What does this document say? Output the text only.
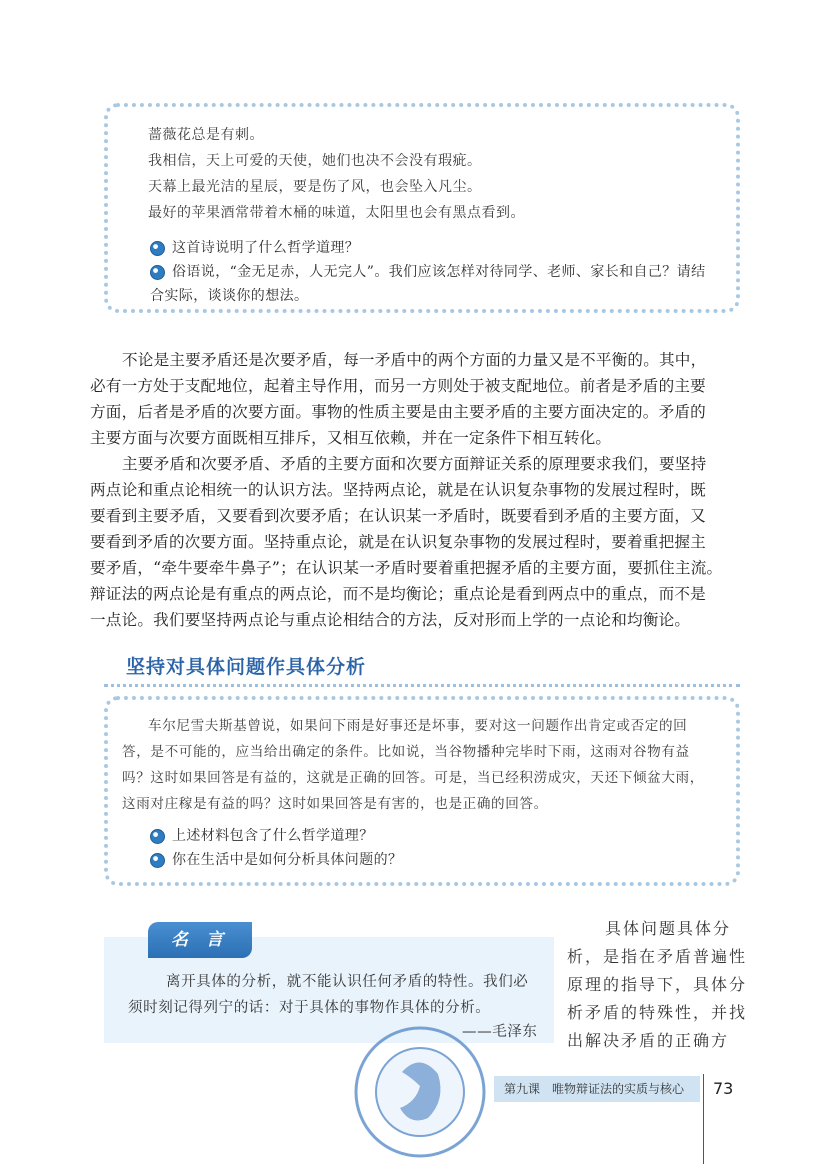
蔷薇花总是有刺。
我相信，天上可爱的天使，她们也决不会没有瑕疵。
天幕上最光洁的星辰，要是伤了风，也会坠入凡尘。
最好的苹果酒常带着木桶的味道，太阳里也会有黑点看到。
这首诗说明了什么哲学道理？
俗语说，“金无足赤，人无完人”。我们应该怎样对待同学、老师、家长和自己？请结
合实际，谈谈你的想法。
不论是主要矛盾还是次要矛盾，每一矛盾中的两个方面的力量又是不平衡的。其中，
必有一方处于支配地位，起着主导作用，而另一方则处于被支配地位。前者是矛盾的主要
方面，后者是矛盾的次要方面。事物的性质主要是由主要矛盾的主要方面决定的。矛盾的
主要方面与次要方面既相互排斥，又相互依赖，并在一定条件下相互转化。
主要矛盾和次要矛盾、矛盾的主要方面和次要方面辩证关系的原理要求我们，要坚持
两点论和重点论相统一的认识方法。坚持两点论，就是在认识复杂事物的发展过程时，既
要看到主要矛盾，又要看到次要矛盾；在认识某一矛盾时，既要看到矛盾的主要方面，又
要看到矛盾的次要方面。坚持重点论，就是在认识复杂事物的发展过程时，要着重把握主
要矛盾，“牵牛要牵牛鼻子”；在认识某一矛盾时要着重把握矛盾的主要方面，要抓住主流。
辩证法的两点论是有重点的两点论，而不是均衡论；重点论是看到两点中的重点，而不是
一点论。我们要坚持两点论与重点论相结合的方法，反对形而上学的一点论和均衡论。
坚持对具体问题作具体分析
车尔尼雪夫斯基曾说，如果问下雨是好事还是坏事，要对这一问题作出肯定或否定的回
答，是不可能的，应当给出确定的条件。比如说，当谷物播种完毕时下雨，这雨对谷物有益
吗？这时如果回答是有益的，这就是正确的回答。可是，当已经积涝成灾，天还下倾盆大雨，
这雨对庄稼是有益的吗？这时如果回答是有害的，也是正确的回答。
上述材料包含了什么哲学道理？
你在生活中是如何分析具体问题的？
名 言
离开具体的分析，就不能认识任何矛盾的特性。我们必
须时刻记得列宁的话：对于具体的事物作具体的分析。
——毛泽东
具体问题具体分
析，是指在矛盾普遍性
原理的指导下，具体分
析矛盾的特殊性，并找
出解决矛盾的正确方
第九课　唯物辩证法的实质与核心	73
